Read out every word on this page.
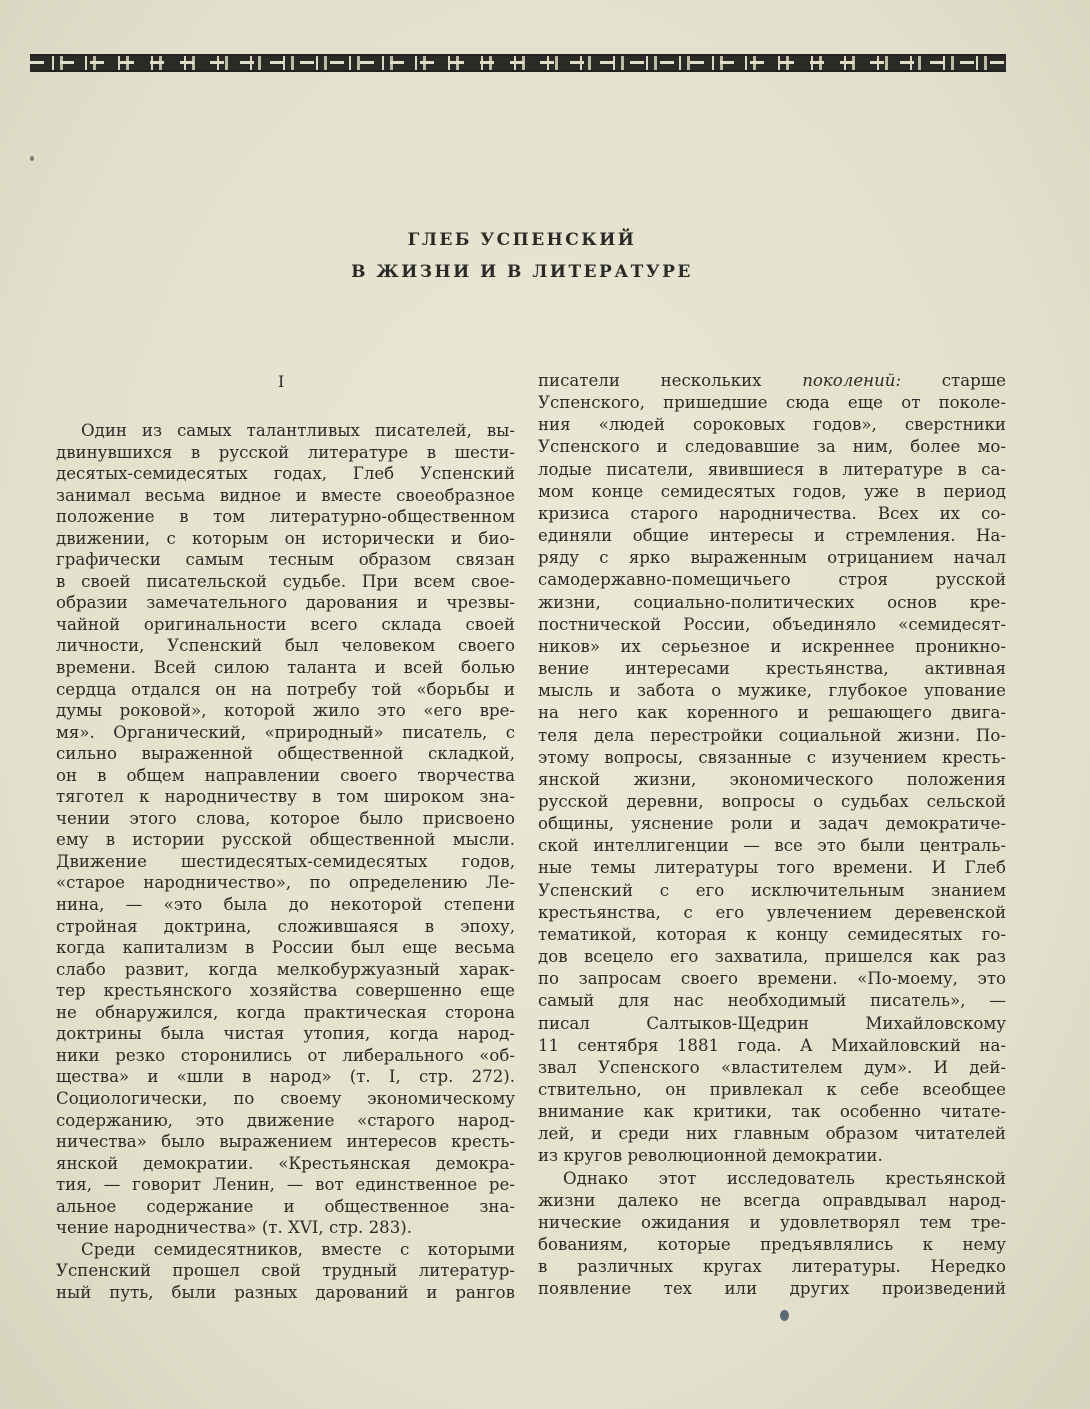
ГЛЕБ УСПЕНСКИЙ
В ЖИЗНИ И В ЛИТЕРАТУРЕ
I
Один из самых талантливых писателей, вы-
двинувшихся в русской литературе в шести-
десятых-семидесятых годах, Глеб Успенский
занимал весьма видное и вместе своеобразное
положение в том литературно-общественном
движении, с которым он исторически и био-
графически самым тесным образом связан
в своей писательской судьбе. При всем свое-
образии замечательного дарования и чрезвы-
чайной оригинальности всего склада своей
личности, Успенский был человеком своего
времени. Всей силою таланта и всей болью
сердца отдался он на потребу той «борьбы и
думы роковой», которой жило это «его вре-
мя». Органический, «природный» писатель, с
сильно выраженной общественной складкой,
он в общем направлении своего творчества
тяготел к народничеству в том широком зна-
чении этого слова, которое было присвоено
ему в истории русской общественной мысли.
Движение шестидесятых-семидесятых годов,
«старое народничество», по определению Ле-
нина, — «это была до некоторой степени
стройная доктрина, сложившаяся в эпоху,
когда капитализм в России был еще весьма
слабо развит, когда мелкобуржуазный харак-
тер крестьянского хозяйства совершенно еще
не обнаружился, когда практическая сторона
доктрины была чистая утопия, когда народ-
ники резко сторонились от либерального «об-
щества» и «шли в народ» (т. I, стр. 272).
Социологически, по своему экономическому
содержанию, это движение «старого народ-
ничества» было выражением интересов кресть-
янской демократии. «Крестьянская демокра-
тия, — говорит Ленин, — вот единственное ре-
альное содержание и общественное зна-
чение народничества» (т. XVI, стр. 283).
Среди семидесятников, вместе с которыми
Успенский прошел свой трудный литератур-
ный путь, были разных дарований и рангов
писатели нескольких поколений: старше
Успенского, пришедшие сюда еще от поколе-
ния «людей сороковых годов», сверстники
Успенского и следовавшие за ним, более мо-
лодые писатели, явившиеся в литературе в са-
мом конце семидесятых годов, уже в период
кризиса старого народничества. Всех их со-
единяли общие интересы и стремления. На-
ряду с ярко выраженным отрицанием начал
самодержавно-помещичьего строя русской
жизни, социально-политических основ кре-
постнической России, объединяло «семидесят-
ников» их серьезное и искреннее проникно-
вение интересами крестьянства, активная
мысль и забота о мужике, глубокое упование
на него как коренного и решающего двига-
теля дела перестройки социальной жизни. По-
этому вопросы, связанные с изучением кресть-
янской жизни, экономического положения
русской деревни, вопросы о судьбах сельской
общины, уяснение роли и задач демократиче-
ской интеллигенции — все это были централь-
ные темы литературы того времени. И Глеб
Успенский с его исключительным знанием
крестьянства, с его увлечением деревенской
тематикой, которая к концу семидесятых го-
дов всецело его захватила, пришелся как раз
по запросам своего времени. «По-моему, это
самый для нас необходимый писатель», —
писал Салтыков-Щедрин Михайловскому
11 сентября 1881 года. А Михайловский на-
звал Успенского «властителем дум». И дей-
ствительно, он привлекал к себе всеобщее
внимание как критики, так особенно читате-
лей, и среди них главным образом читателей
из кругов революционной демократии.
Однако этот исследователь крестьянской
жизни далеко не всегда оправдывал народ-
нические ожидания и удовлетворял тем тре-
бованиям, которые предъявлялись к нему
в различных кругах литературы. Нередко
появление тех или других произведений
